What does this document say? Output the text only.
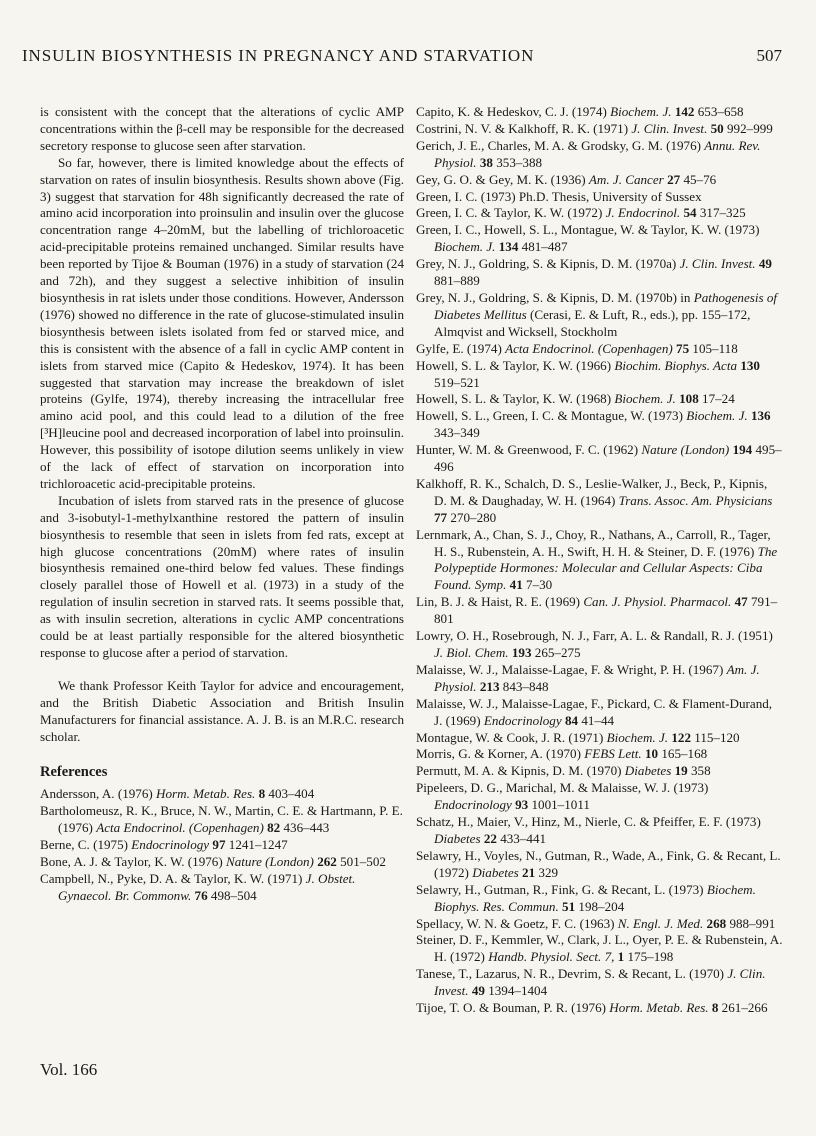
INSULIN BIOSYNTHESIS IN PREGNANCY AND STARVATION	507

is consistent with the concept that the alterations of cyclic AMP concentrations within the β-cell may be responsible for the decreased secretory response to glucose seen after starvation.

So far, however, there is limited knowledge about the effects of starvation on rates of insulin biosynthesis. Results shown above (Fig. 3) suggest that starvation for 48h significantly decreased the rate of amino acid incorporation into proinsulin and insulin over the glucose concentration range 4–20mM, but the labelling of trichloroacetic acid-precipitable proteins remained unchanged. Similar results have been reported by Tijoe & Bouman (1976) in a study of starvation (24 and 72h), and they suggest a selective inhibition of insulin biosynthesis in rat islets under those conditions. However, Andersson (1976) showed no difference in the rate of glucose-stimulated insulin biosynthesis between islets isolated from fed or starved mice, and this is consistent with the absence of a fall in cyclic AMP content in islets from starved mice (Capito & Hedeskov, 1974). It has been suggested that starvation may increase the breakdown of islet proteins (Gylfe, 1974), thereby increasing the intracellular free amino acid pool, and this could lead to a dilution of the free [³H]leucine pool and decreased incorporation of label into proinsulin. However, this possibility of isotope dilution seems unlikely in view of the lack of effect of starvation on incorporation into trichloroacetic acid-precipitable proteins.

Incubation of islets from starved rats in the presence of glucose and 3-isobutyl-1-methylxanthine restored the pattern of insulin biosynthesis to resemble that seen in islets from fed rats, except at high glucose concentrations (20mM) where rates of insulin biosynthesis remained one-third below fed values. These findings closely parallel those of Howell et al. (1973) in a study of the regulation of insulin secretion in starved rats. It seems possible that, as with insulin secretion, alterations in cyclic AMP concentrations could be at least partially responsible for the altered biosynthetic response to glucose after a period of starvation.

We thank Professor Keith Taylor for advice and encouragement, and the British Diabetic Association and British Insulin Manufacturers for financial assistance. A. J. B. is an M.R.C. research scholar.

References
Andersson, A. (1976) Horm. Metab. Res. 8 403–404
Bartholomeusz, R. K., Bruce, N. W., Martin, C. E. & Hartmann, P. E. (1976) Acta Endocrinol. (Copenhagen) 82 436–443
Berne, C. (1975) Endocrinology 97 1241–1247
Bone, A. J. & Taylor, K. W. (1976) Nature (London) 262 501–502
Campbell, N., Pyke, D. A. & Taylor, K. W. (1971) J. Obstet. Gynaecol. Br. Commonw. 76 498–504
Capito, K. & Hedeskov, C. J. (1974) Biochem. J. 142 653–658
Costrini, N. V. & Kalkhoff, R. K. (1971) J. Clin. Invest. 50 992–999
Gerich, J. E., Charles, M. A. & Grodsky, G. M. (1976) Annu. Rev. Physiol. 38 353–388
Gey, G. O. & Gey, M. K. (1936) Am. J. Cancer 27 45–76
Green, I. C. (1973) Ph.D. Thesis, University of Sussex
Green, I. C. & Taylor, K. W. (1972) J. Endocrinol. 54 317–325
Green, I. C., Howell, S. L., Montague, W. & Taylor, K. W. (1973) Biochem. J. 134 481–487
Grey, N. J., Goldring, S. & Kipnis, D. M. (1970a) J. Clin. Invest. 49 881–889
Grey, N. J., Goldring, S. & Kipnis, D. M. (1970b) in Pathogenesis of Diabetes Mellitus (Cerasi, E. & Luft, R., eds.), pp. 155–172, Almqvist and Wicksell, Stockholm
Gylfe, E. (1974) Acta Endocrinol. (Copenhagen) 75 105–118
Howell, S. L. & Taylor, K. W. (1966) Biochim. Biophys. Acta 130 519–521
Howell, S. L. & Taylor, K. W. (1968) Biochem. J. 108 17–24
Howell, S. L., Green, I. C. & Montague, W. (1973) Biochem. J. 136 343–349
Hunter, W. M. & Greenwood, F. C. (1962) Nature (London) 194 495–496
Kalkhoff, R. K., Schalch, D. S., Leslie-Walker, J., Beck, P., Kipnis, D. M. & Daughaday, W. H. (1964) Trans. Assoc. Am. Physicians 77 270–280
Lernmark, A., Chan, S. J., Choy, R., Nathans, A., Carroll, R., Tager, H. S., Rubenstein, A. H., Swift, H. H. & Steiner, D. F. (1976) The Polypeptide Hormones: Molecular and Cellular Aspects: Ciba Found. Symp. 41 7–30
Lin, B. J. & Haist, R. E. (1969) Can. J. Physiol. Pharmacol. 47 791–801
Lowry, O. H., Rosebrough, N. J., Farr, A. L. & Randall, R. J. (1951) J. Biol. Chem. 193 265–275
Malaisse, W. J., Malaisse-Lagae, F. & Wright, P. H. (1967) Am. J. Physiol. 213 843–848
Malaisse, W. J., Malaisse-Lagae, F., Pickard, C. & Flament-Durand, J. (1969) Endocrinology 84 41–44
Montague, W. & Cook, J. R. (1971) Biochem. J. 122 115–120
Morris, G. & Korner, A. (1970) FEBS Lett. 10 165–168
Permutt, M. A. & Kipnis, D. M. (1970) Diabetes 19 358
Pipeleers, D. G., Marichal, M. & Malaisse, W. J. (1973) Endocrinology 93 1001–1011
Schatz, H., Maier, V., Hinz, M., Nierle, C. & Pfeiffer, E. F. (1973) Diabetes 22 433–441
Selawry, H., Voyles, N., Gutman, R., Wade, A., Fink, G. & Recant, L. (1972) Diabetes 21 329
Selawry, H., Gutman, R., Fink, G. & Recant, L. (1973) Biochem. Biophys. Res. Commun. 51 198–204
Spellacy, W. N. & Goetz, F. C. (1963) N. Engl. J. Med. 268 988–991
Steiner, D. F., Kemmler, W., Clark, J. L., Oyer, P. E. & Rubenstein, A. H. (1972) Handb. Physiol. Sect. 7, 1 175–198
Tanese, T., Lazarus, N. R., Devrim, S. & Recant, L. (1970) J. Clin. Invest. 49 1394–1404
Tijoe, T. O. & Bouman, P. R. (1976) Horm. Metab. Res. 8 261–266
Vol. 166
